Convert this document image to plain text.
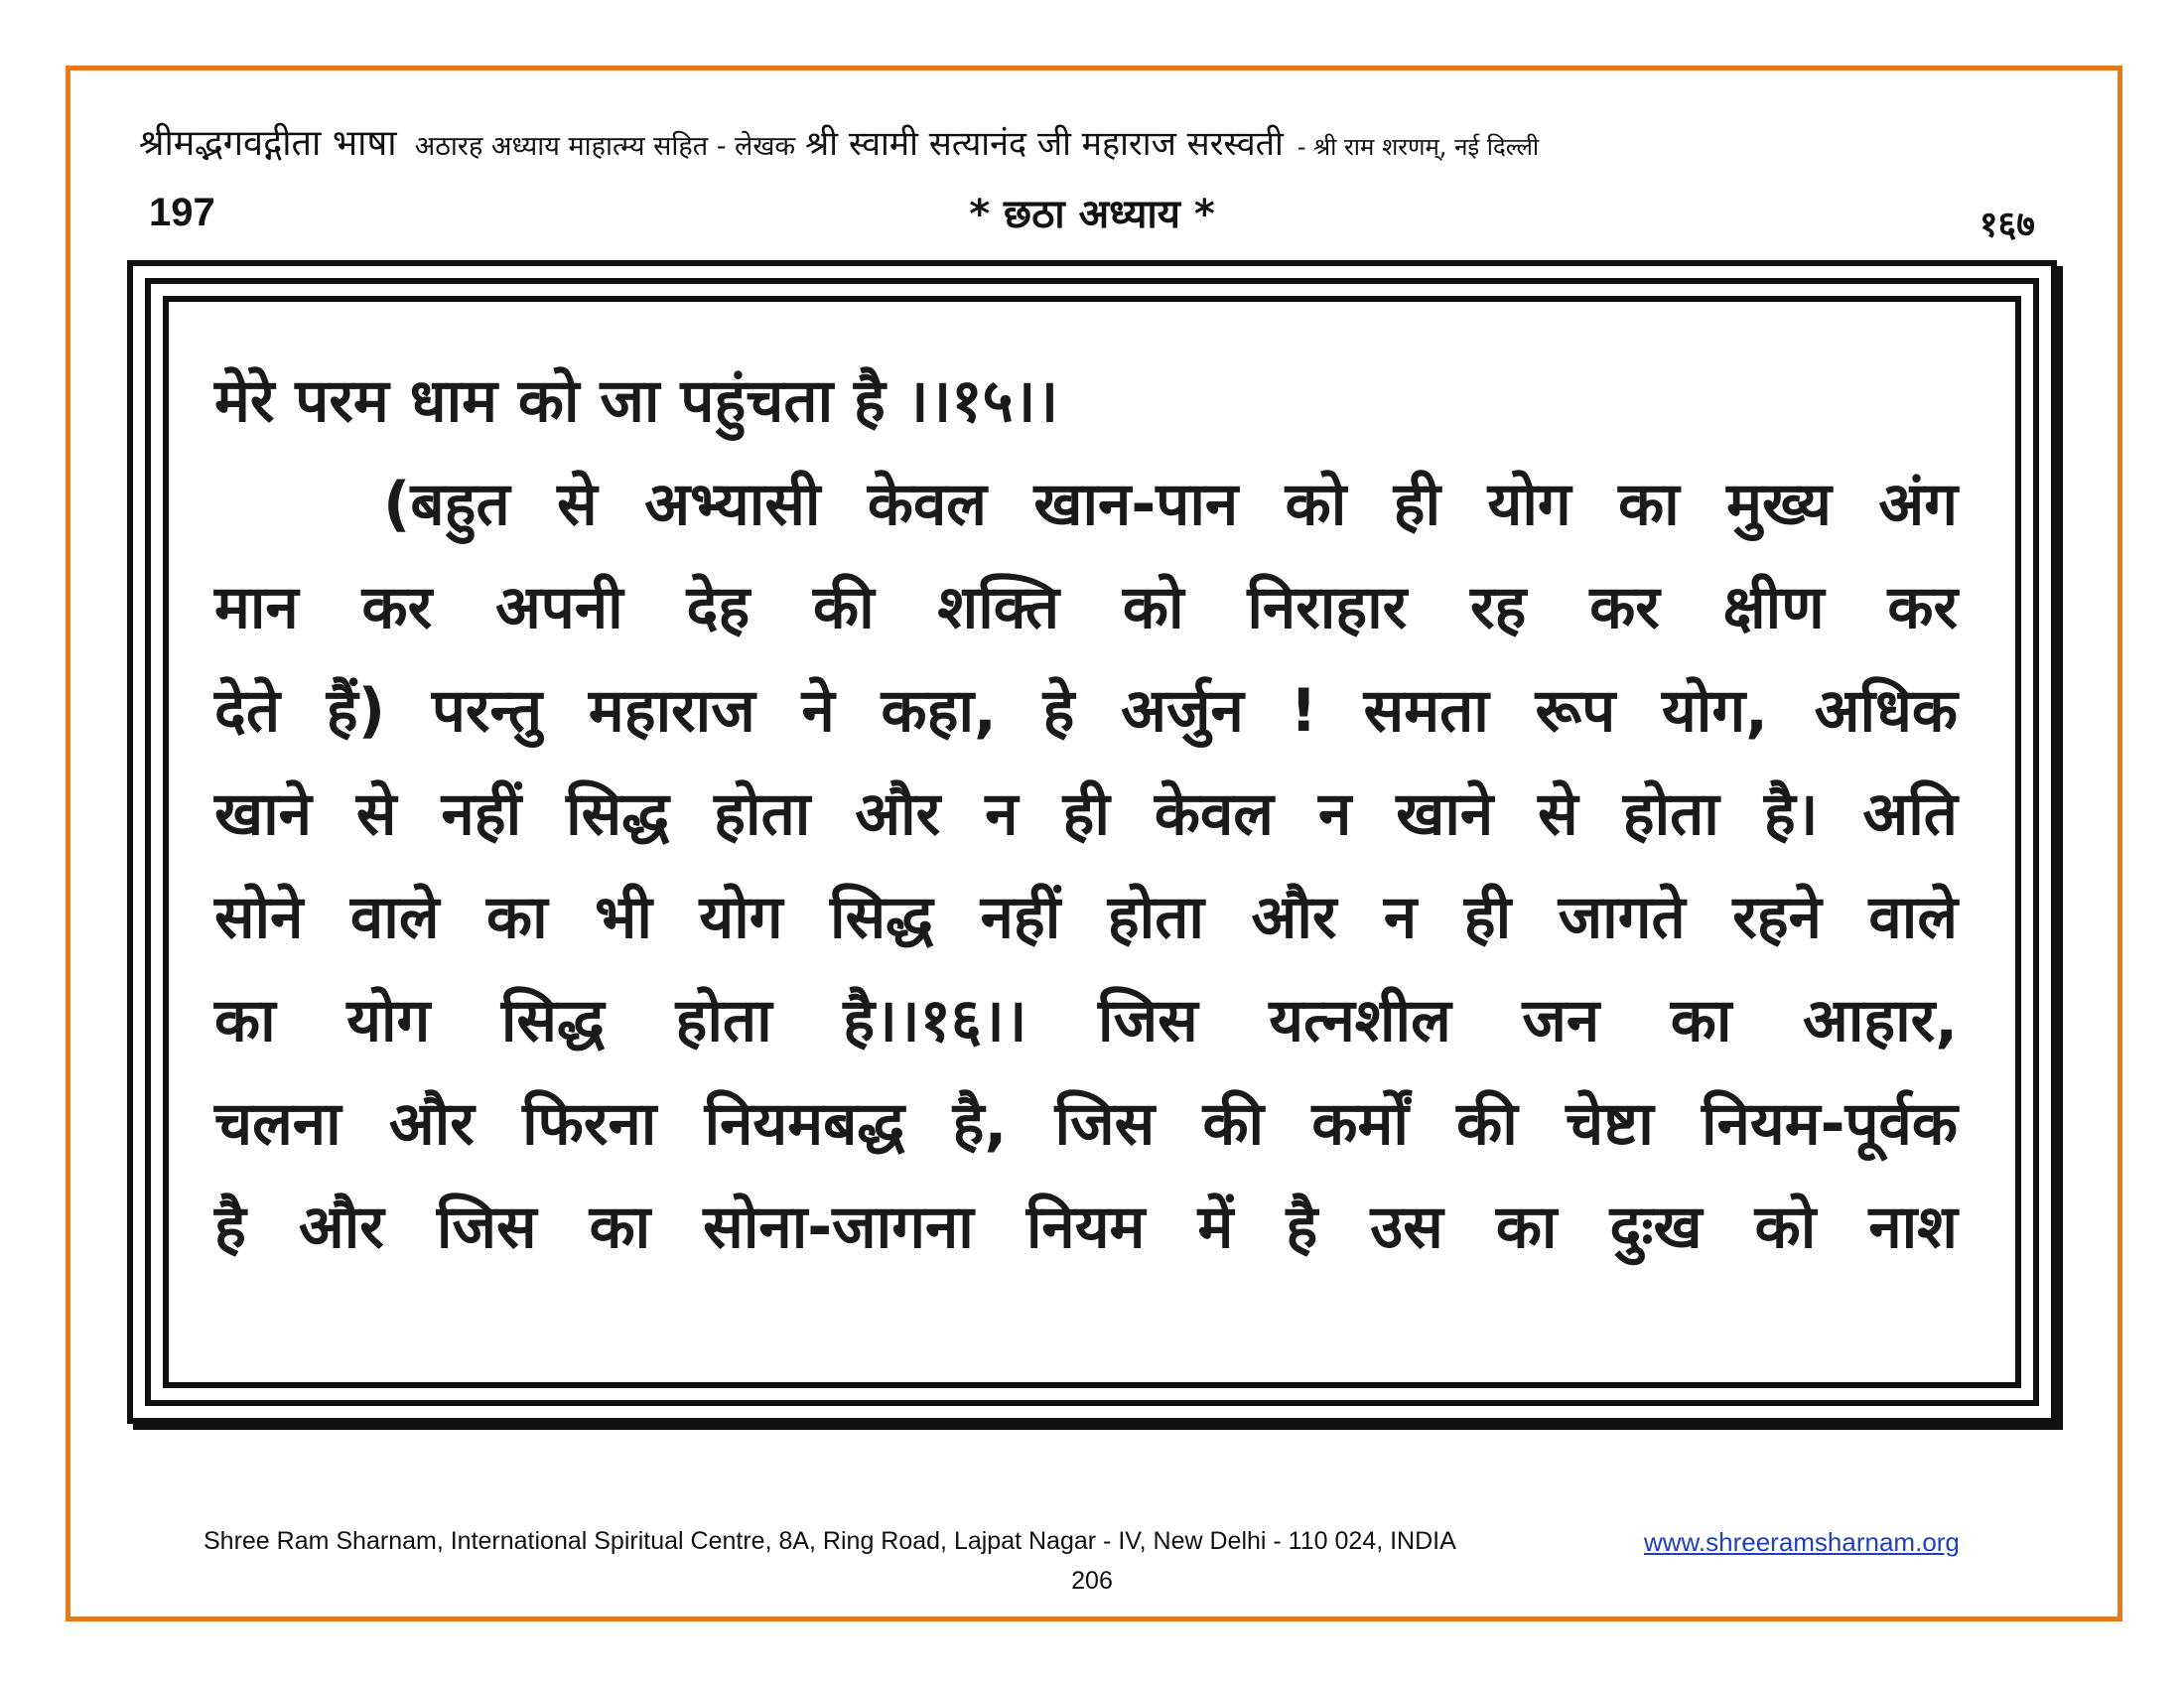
श्रीमद्भगवद्गीता भाषा अठारह अध्याय माहात्म्य सहित - लेखक श्री स्वामी सत्यानंद जी महाराज सरस्वती - श्री राम शरणम्, नई दिल्ली
197	* छठा अध्याय *	१६७
मेरे परम धाम को जा पहुंचता है ।।१५।।
(बहुत से अभ्यासी केवल खान-पान को ही योग का मुख्य अंग
मान कर अपनी देह की शक्ति को निराहार रह कर क्षीण कर
देते हैं) परन्तु महाराज ने कहा, हे अर्जुन ! समता रूप योग, अधिक
खाने से नहीं सिद्ध होता और न ही केवल न खाने से होता है। अति
सोने वाले का भी योग सिद्ध नहीं होता और न ही जागते रहने वाले
का योग सिद्ध होता है।।१६।। जिस यत्नशील जन का आहार,
चलना और फिरना नियमबद्ध है, जिस की कर्मों की चेष्टा नियम-पूर्वक
है और जिस का सोना-जागना नियम में है उस का दुःख को नाश
Shree Ram Sharnam, International Spiritual Centre, 8A, Ring Road, Lajpat Nagar - IV, New Delhi - 110 024, INDIA	www.shreeramsharnam.org
206
